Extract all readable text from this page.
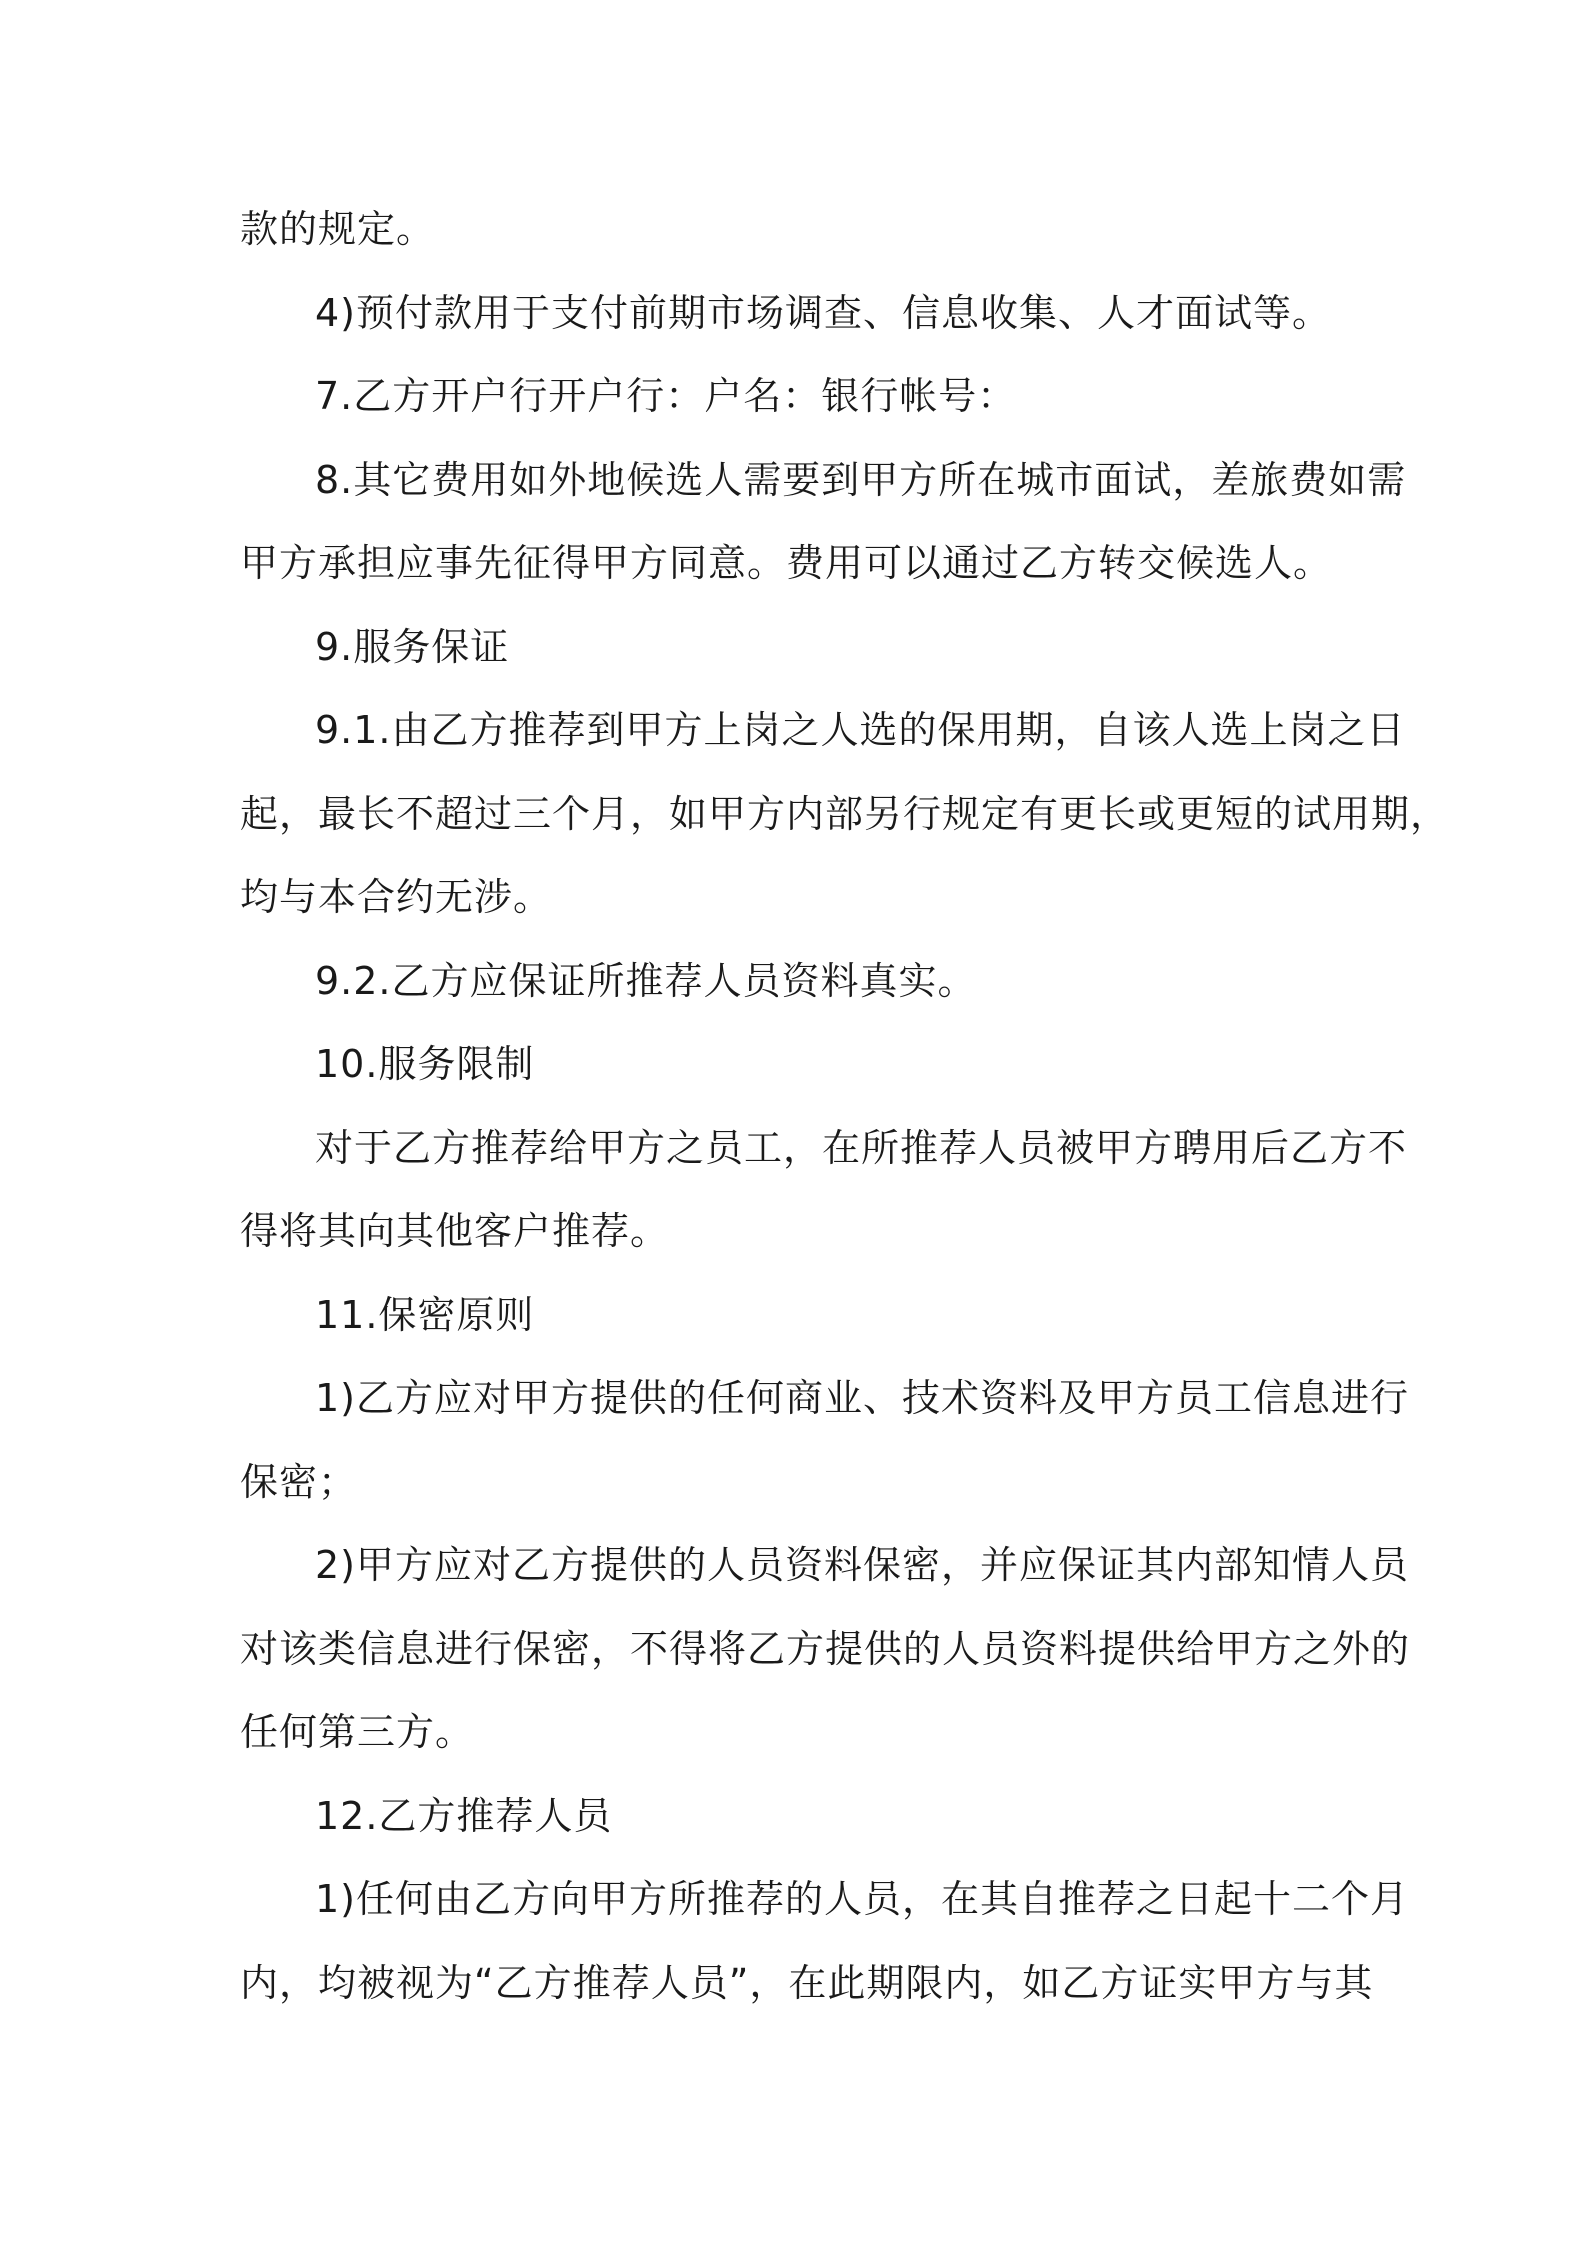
款的规定。
4)预付款用于支付前期市场调查、信息收集、人才面试等。
7.乙方开户行开户行：户名：银行帐号：
8.其它费用如外地候选人需要到甲方所在城市面试，差旅费如需
甲方承担应事先征得甲方同意。费用可以通过乙方转交候选人。
9.服务保证
9.1.由乙方推荐到甲方上岗之人选的保用期，自该人选上岗之日
起，最长不超过三个月，如甲方内部另行规定有更长或更短的试用期，
均与本合约无涉。
9.2.乙方应保证所推荐人员资料真实。
10.服务限制
对于乙方推荐给甲方之员工，在所推荐人员被甲方聘用后乙方不
得将其向其他客户推荐。
11.保密原则
1)乙方应对甲方提供的任何商业、技术资料及甲方员工信息进行
保密；
2)甲方应对乙方提供的人员资料保密，并应保证其内部知情人员
对该类信息进行保密，不得将乙方提供的人员资料提供给甲方之外的
任何第三方。
12.乙方推荐人员
1)任何由乙方向甲方所推荐的人员，在其自推荐之日起十二个月
内，均被视为“乙方推荐人员”，在此期限内，如乙方证实甲方与其
